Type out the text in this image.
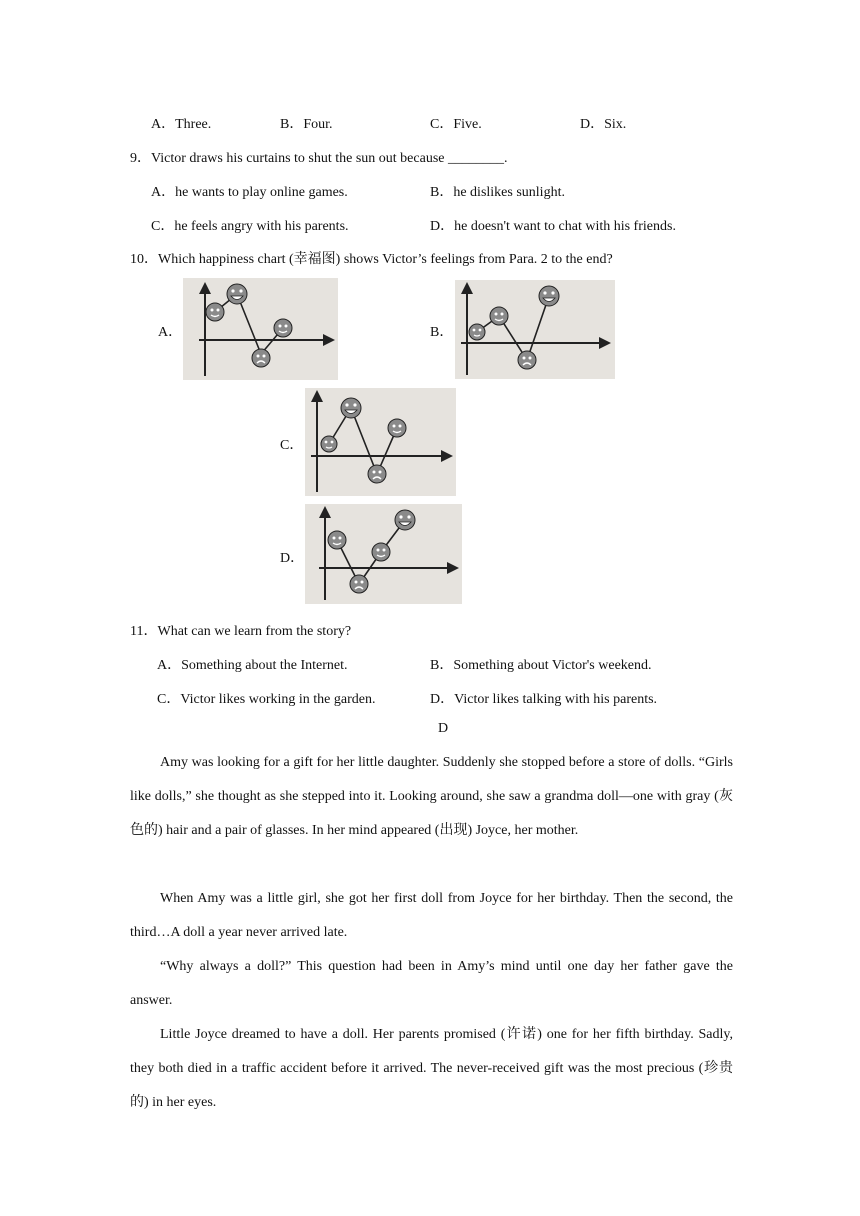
A．Three.	B．Four.	C．Five.	D．Six.
9．Victor draws his curtains to shut the sun out because ________.
A．he wants to play online games.	B．he dislikes sunlight.
C．he feels angry with his parents.	D．he doesn't want to chat with his friends.
10．Which happiness chart (幸福图) shows Victor’s feelings from Para. 2 to the end?
A．	B．
C．
D．
11．What can we learn from the story?
A．Something about the Internet.	B．Something about Victor's weekend.
C．Victor likes working in the garden.	D．Victor likes talking with his parents.
D

Amy was looking for a gift for her little daughter. Suddenly she stopped before a store of dolls. “Girls like dolls,” she thought as she stepped into it. Looking around, she saw a grandma doll—one with gray (灰色的) hair and a pair of glasses. In her mind appeared (出现) Joyce, her mother.

When Amy was a little girl, she got her first doll from Joyce for her birthday. Then the second, the third…A doll a year never arrived late.

“Why always a doll?” This question had been in Amy’s mind until one day her father gave the answer.

Little Joyce dreamed to have a doll. Her parents promised (许诺) one for her fifth birthday. Sadly, they both died in a traffic accident before it arrived. The never-received gift was the most precious (珍贵的) in her eyes.
